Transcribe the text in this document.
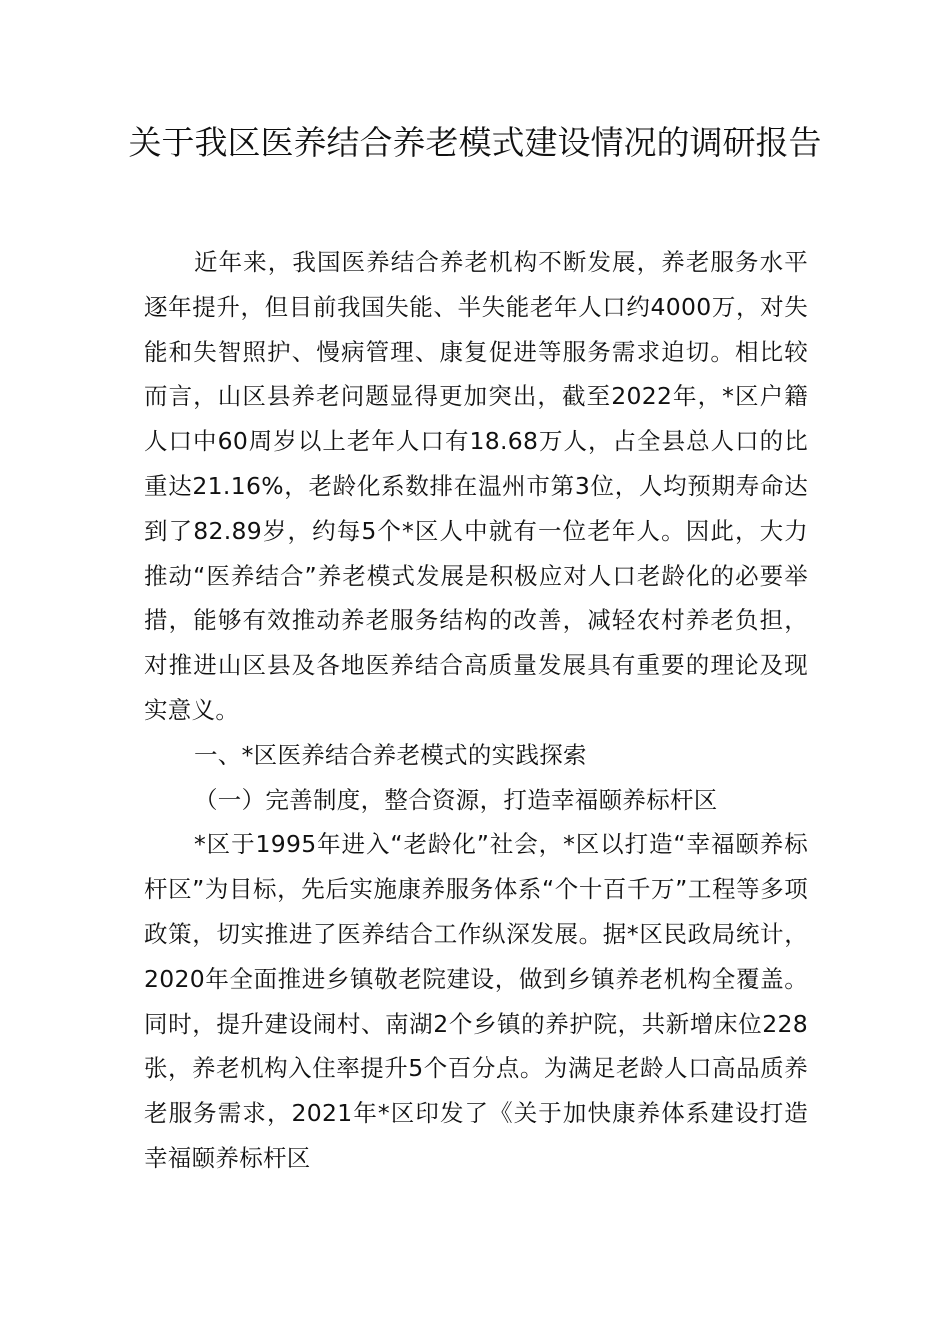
关于我区医养结合养老模式建设情况的调研报告

近年来，我国医养结合养老机构不断发展，养老服务水平逐年提升，但目前我国失能、半失能老年人口约4000万，对失能和失智照护、慢病管理、康复促进等服务需求迫切。相比较而言，山区县养老问题显得更加突出，截至2022年，*区户籍人口中60周岁以上老年人口有18.68万人，占全县总人口的比重达21.16%，老龄化系数排在温州市第3位，人均预期寿命达到了82.89岁，约每5个*区人中就有一位老年人。因此，大力推动“医养结合”养老模式发展是积极应对人口老龄化的必要举措，能够有效推动养老服务结构的改善，减轻农村养老负担，对推进山区县及各地医养结合高质量发展具有重要的理论及现实意义。

一、*区医养结合养老模式的实践探索

（一）完善制度，整合资源，打造幸福颐养标杆区

*区于1995年进入“老龄化”社会，*区以打造“幸福颐养标杆区”为目标，先后实施康养服务体系“个十百千万”工程等多项政策，切实推进了医养结合工作纵深发展。据*区民政局统计，2020年全面推进乡镇敬老院建设，做到乡镇养老机构全覆盖。同时，提升建设闹村、南湖2个乡镇的养护院，共新增床位228张，养老机构入住率提升5个百分点。为满足老龄人口高品质养老服务需求，2021年*区印发了《关于加快康养体系建设打造幸福颐养标杆区
